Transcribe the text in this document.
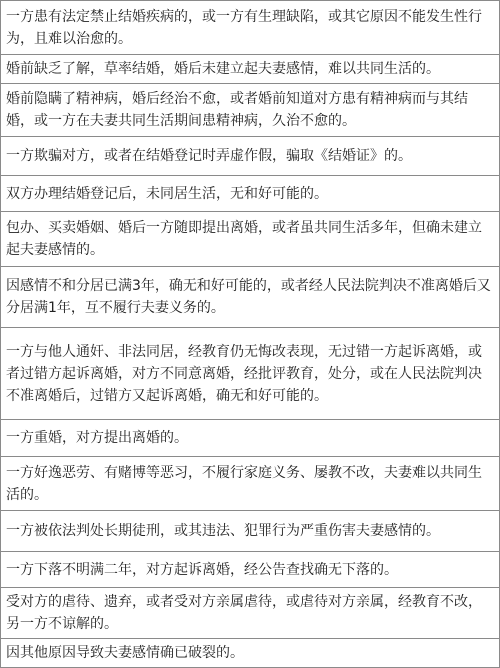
一方患有法定禁止结婚疾病的，或一方有生理缺陷，或其它原因不能发生性行为，且难以治愈的。
婚前缺乏了解，草率结婚，婚后未建立起夫妻感情，难以共同生活的。
婚前隐瞒了精神病，婚后经治不愈，或者婚前知道对方患有精神病而与其结婚，或一方在夫妻共同生活期间患精神病，久治不愈的。
一方欺骗对方，或者在结婚登记时弄虚作假，骗取《结婚证》的。
双方办理结婚登记后，未同居生活，无和好可能的。
包办、买卖婚姻、婚后一方随即提出离婚，或者虽共同生活多年，但确未建立起夫妻感情的。
因感情不和分居已满3年，确无和好可能的，或者经人民法院判决不准离婚后又分居满1年，互不履行夫妻义务的。
一方与他人通奸、非法同居，经教育仍无悔改表现，无过错一方起诉离婚，或者过错方起诉离婚，对方不同意离婚，经批评教育，处分，或在人民法院判决不准离婚后，过错方又起诉离婚，确无和好可能的。
一方重婚，对方提出离婚的。
一方好逸恶劳、有赌博等恶习，不履行家庭义务、屡教不改，夫妻难以共同生活的。
一方被依法判处长期徒刑，或其违法、犯罪行为严重伤害夫妻感情的。
一方下落不明满二年，对方起诉离婚，经公告查找确无下落的。
受对方的虐待、遗弃，或者受对方亲属虐待，或虐待对方亲属，经教育不改，另一方不谅解的。
因其他原因导致夫妻感情确已破裂的。
